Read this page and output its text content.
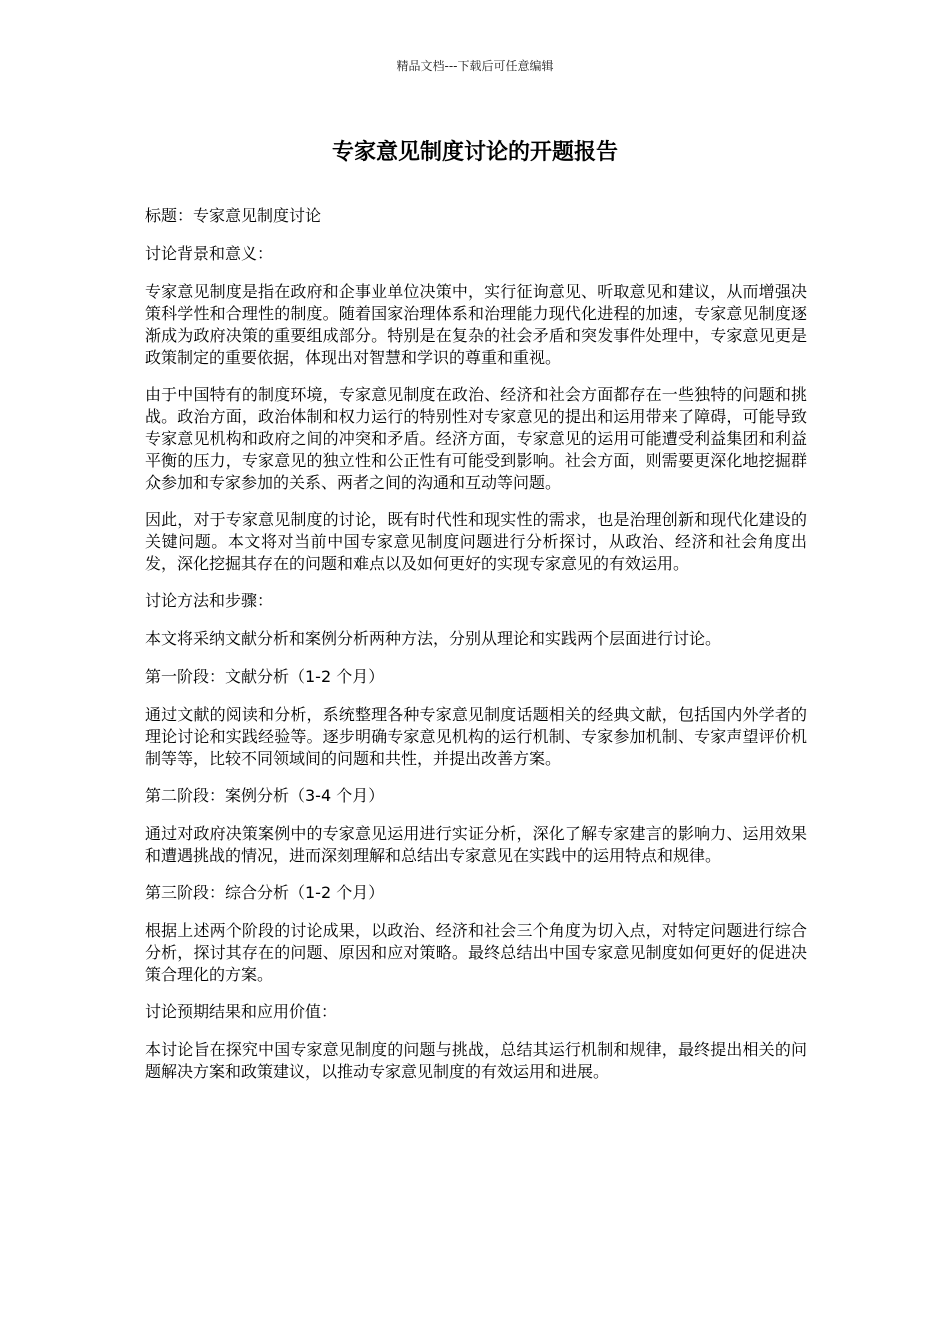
精品文档---下载后可任意编辑
专家意见制度讨论的开题报告

标题：专家意见制度讨论

讨论背景和意义：

专家意见制度是指在政府和企事业单位决策中，实行征询意见、听取意见和建议，从而增强决策科学性和合理性的制度。随着国家治理体系和治理能力现代化进程的加速，专家意见制度逐渐成为政府决策的重要组成部分。特别是在复杂的社会矛盾和突发事件处理中，专家意见更是政策制定的重要依据，体现出对智慧和学识的尊重和重视。

由于中国特有的制度环境，专家意见制度在政治、经济和社会方面都存在一些独特的问题和挑战。政治方面，政治体制和权力运行的特别性对专家意见的提出和运用带来了障碍，可能导致专家意见机构和政府之间的冲突和矛盾。经济方面，专家意见的运用可能遭受利益集团和利益平衡的压力，专家意见的独立性和公正性有可能受到影响。社会方面，则需要更深化地挖掘群众参加和专家参加的关系、两者之间的沟通和互动等问题。

因此，对于专家意见制度的讨论，既有时代性和现实性的需求，也是治理创新和现代化建设的关键问题。本文将对当前中国专家意见制度问题进行分析探讨，从政治、经济和社会角度出发，深化挖掘其存在的问题和难点以及如何更好的实现专家意见的有效运用。

讨论方法和步骤：

本文将采纳文献分析和案例分析两种方法，分别从理论和实践两个层面进行讨论。

第一阶段：文献分析（1-2 个月）

通过文献的阅读和分析，系统整理各种专家意见制度话题相关的经典文献，包括国内外学者的理论讨论和实践经验等。逐步明确专家意见机构的运行机制、专家参加机制、专家声望评价机制等等，比较不同领域间的问题和共性，并提出改善方案。

第二阶段：案例分析（3-4 个月）

通过对政府决策案例中的专家意见运用进行实证分析，深化了解专家建言的影响力、运用效果和遭遇挑战的情况，进而深刻理解和总结出专家意见在实践中的运用特点和规律。

第三阶段：综合分析（1-2 个月）

根据上述两个阶段的讨论成果，以政治、经济和社会三个角度为切入点，对特定问题进行综合分析，探讨其存在的问题、原因和应对策略。最终总结出中国专家意见制度如何更好的促进决策合理化的方案。

讨论预期结果和应用价值：

本讨论旨在探究中国专家意见制度的问题与挑战，总结其运行机制和规律，最终提出相关的问题解决方案和政策建议，以推动专家意见制度的有效运用和进展。
